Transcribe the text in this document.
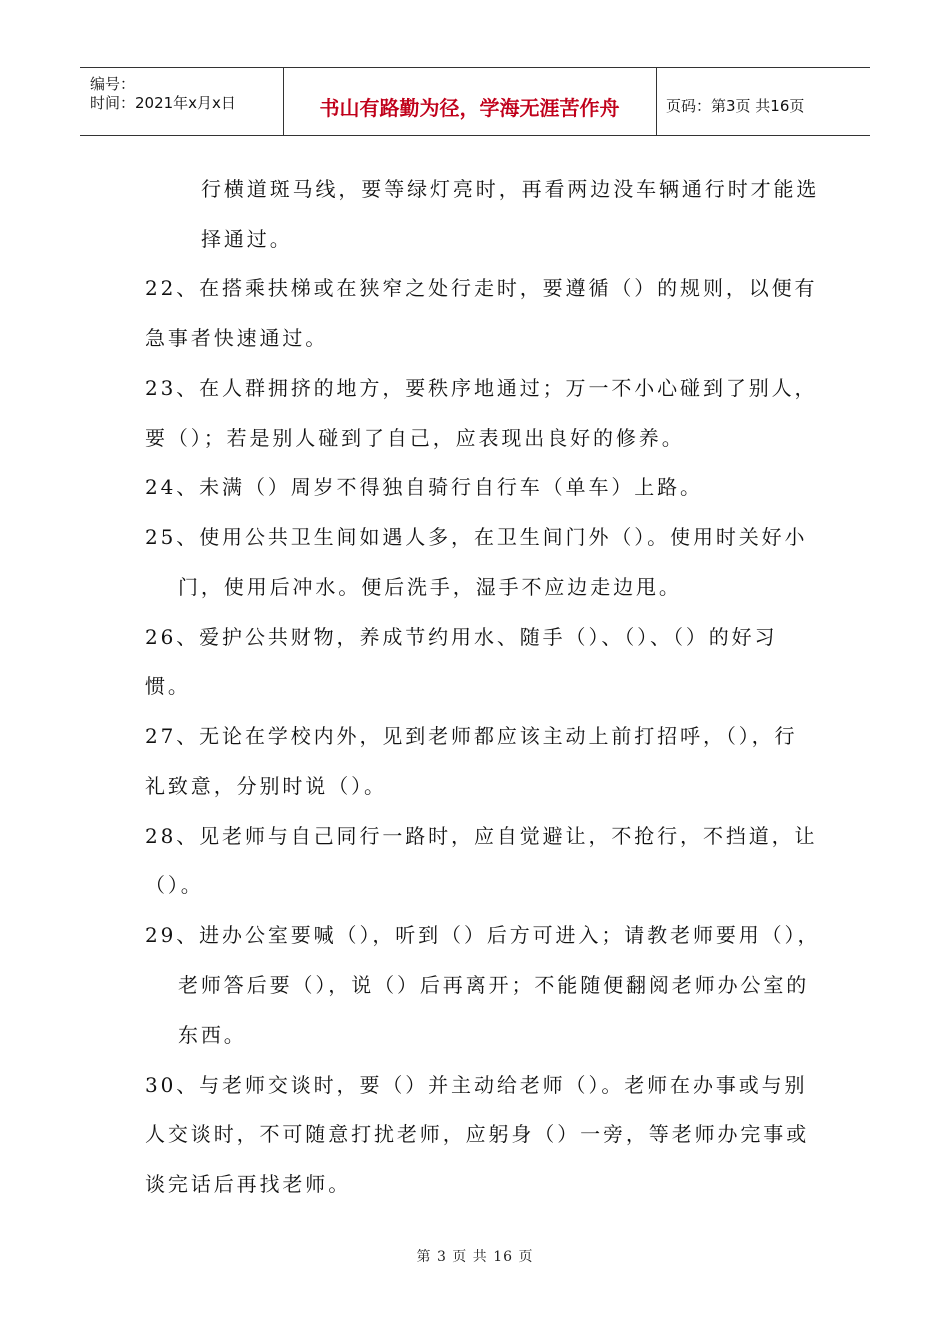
编号：
时间：2021年x月x日	书山有路勤为径，学海无涯苦作舟	页码：第3页 共16页
行横道斑马线，要等绿灯亮时，再看两边没车辆通行时才能选
择通过。
22、在搭乘扶梯或在狭窄之处行走时，要遵循（）的规则，以便有
急事者快速通过。
23、在人群拥挤的地方，要秩序地通过；万一不小心碰到了别人，
要（）；若是别人碰到了自己，应表现出良好的修养。
24、未满（）周岁不得独自骑行自行车（单车）上路。
25、使用公共卫生间如遇人多，在卫生间门外（）。使用时关好小
门，使用后冲水。便后洗手，湿手不应边走边甩。
26、爱护公共财物，养成节约用水、随手（）、（）、（）的好习
惯。
27、无论在学校内外，见到老师都应该主动上前打招呼，（），行
礼致意，分别时说（）。
28、见老师与自己同行一路时，应自觉避让，不抢行，不挡道，让
（）。
29、进办公室要喊（），听到（）后方可进入；请教老师要用（），
老师答后要（），说（）后再离开；不能随便翻阅老师办公室的
东西。
30、与老师交谈时，要（）并主动给老师（）。老师在办事或与别
人交谈时，不可随意打扰老师，应躬身（）一旁，等老师办完事或
谈完话后再找老师。
第 3 页 共 16 页
